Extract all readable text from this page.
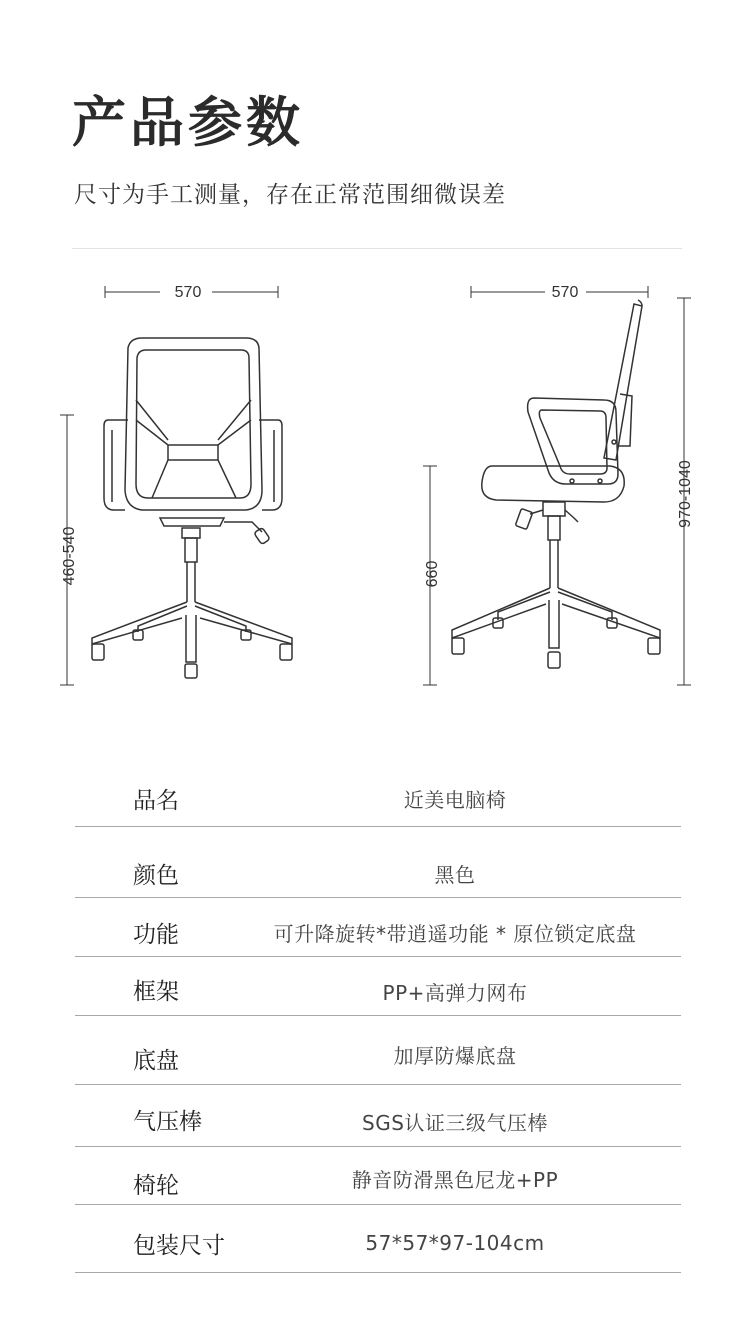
产品参数
尺寸为手工测量，存在正常范围细微误差
570	570
460-540	660
970-1040
品名	近美电脑椅
颜色	黑色
功能	可升降旋转*带逍遥功能 * 原位锁定底盘
框架	PP+高弹力网布
底盘	加厚防爆底盘
气压棒	SGS认证三级气压棒
椅轮	静音防滑黑色尼龙+PP
包装尺寸	57*57*97-104cm
